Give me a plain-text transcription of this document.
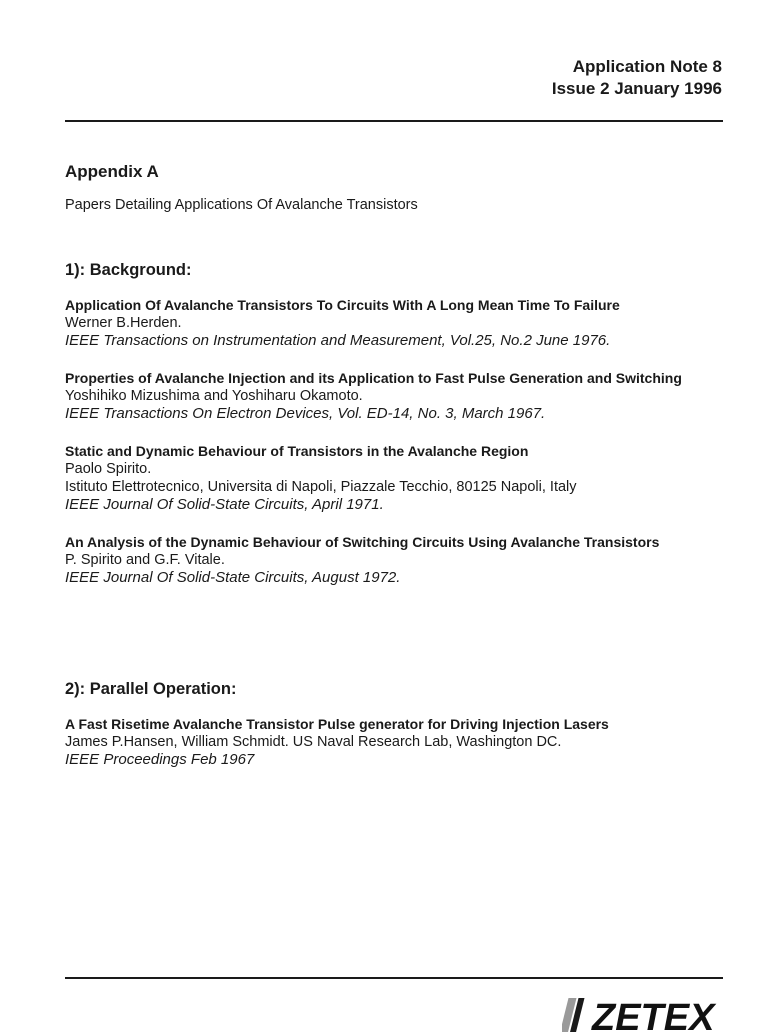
Application Note 8
Issue 2 January 1996
Appendix A
Papers Detailing Applications Of Avalanche Transistors
1): Background:
Application Of Avalanche Transistors To Circuits With A Long Mean Time To Failure
Werner B.Herden.
IEEE Transactions on Instrumentation and Measurement, Vol.25, No.2 June 1976.
Properties of Avalanche Injection and its Application to Fast Pulse Generation and Switching
Yoshihiko Mizushima and Yoshiharu Okamoto.
IEEE Transactions On Electron Devices, Vol. ED-14, No. 3, March 1967.
Static and Dynamic Behaviour of Transistors in the Avalanche Region
Paolo Spirito.
Istituto Elettrotecnico, Universita di Napoli, Piazzale Tecchio, 80125 Napoli, Italy
IEEE Journal Of Solid-State Circuits, April 1971.
An Analysis of the Dynamic Behaviour of Switching Circuits Using Avalanche Transistors
P. Spirito and G.F. Vitale.
IEEE Journal Of Solid-State Circuits, August 1972.
2): Parallel Operation:
A Fast Risetime Avalanche Transistor Pulse generator for Driving Injection Lasers
James P.Hansen, William Schmidt. US Naval Research Lab, Washington DC.
IEEE Proceedings Feb 1967
ZETEX
